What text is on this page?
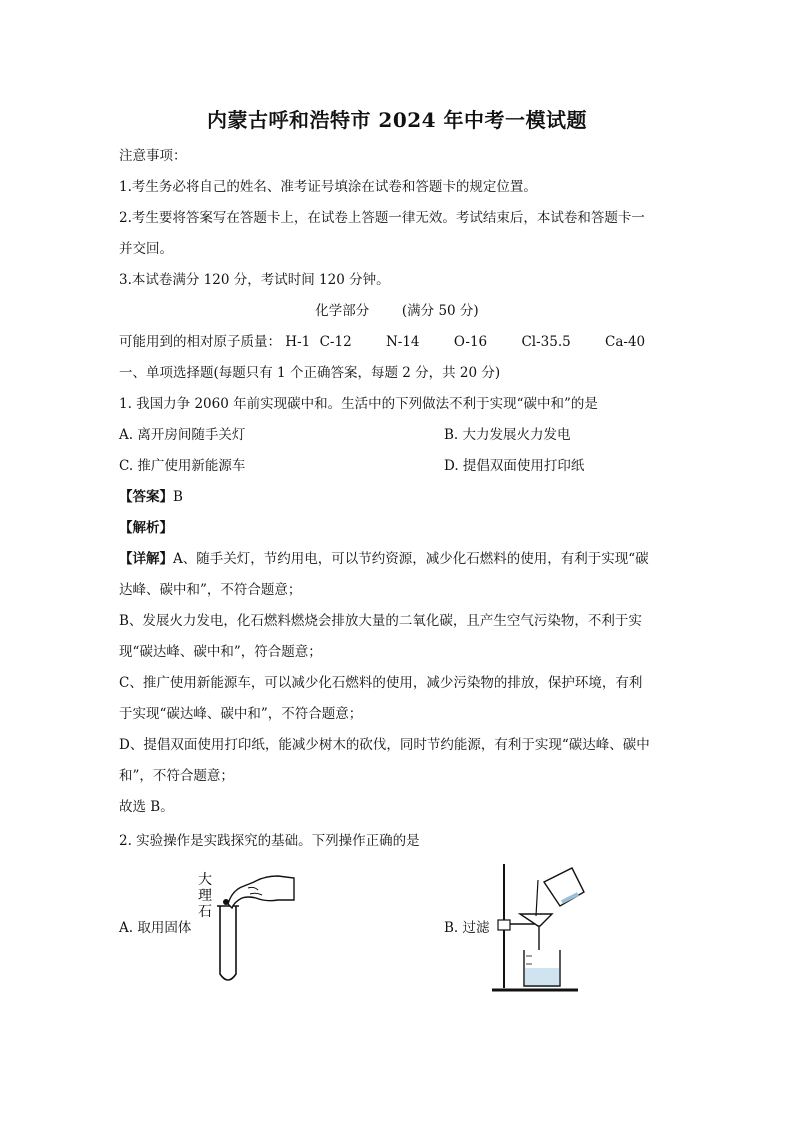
内蒙古呼和浩特市 2024 年中考一模试题
注意事项：
1.考生务必将自己的姓名、准考证号填涂在试卷和答题卡的规定位置。
2.考生要将答案写在答题卡上，在试卷上答题一律无效。考试结束后，本试卷和答题卡一
并交回。
3.本试卷满分 120 分，考试时间 120 分钟。
化学部分 (满分 50 分)
可能用到的相对原子质量： H-1 C-12	N-14	O-16	Cl-35.5	Ca-40
一、单项选择题(每题只有 1 个正确答案，每题 2 分，共 20 分)
1. 我国力争 2060 年前实现碳中和。生活中的下列做法不利于实现“碳中和”的是
A. 离开房间随手关灯	B. 大力发展火力发电
C. 推广使用新能源车	D. 提倡双面使用打印纸
【答案】B
【解析】
【详解】A、随手关灯，节约用电，可以节约资源，减少化石燃料的使用，有利于实现“碳
达峰、碳中和”，不符合题意；
B、发展火力发电，化石燃料燃烧会排放大量的二氧化碳，且产生空气污染物，不利于实
现“碳达峰、碳中和”，符合题意；
C、推广使用新能源车，可以减少化石燃料的使用，减少污染物的排放，保护环境，有利
于实现“碳达峰、碳中和”，不符合题意；
D、提倡双面使用打印纸，能减少树木的砍伐，同时节约能源，有利于实现“碳达峰、碳中
和”，不符合题意；
故选 B。
2. 实验操作是实践探究的基础。下列操作正确的是
A. 取用固体	B. 过滤
大
理
石
